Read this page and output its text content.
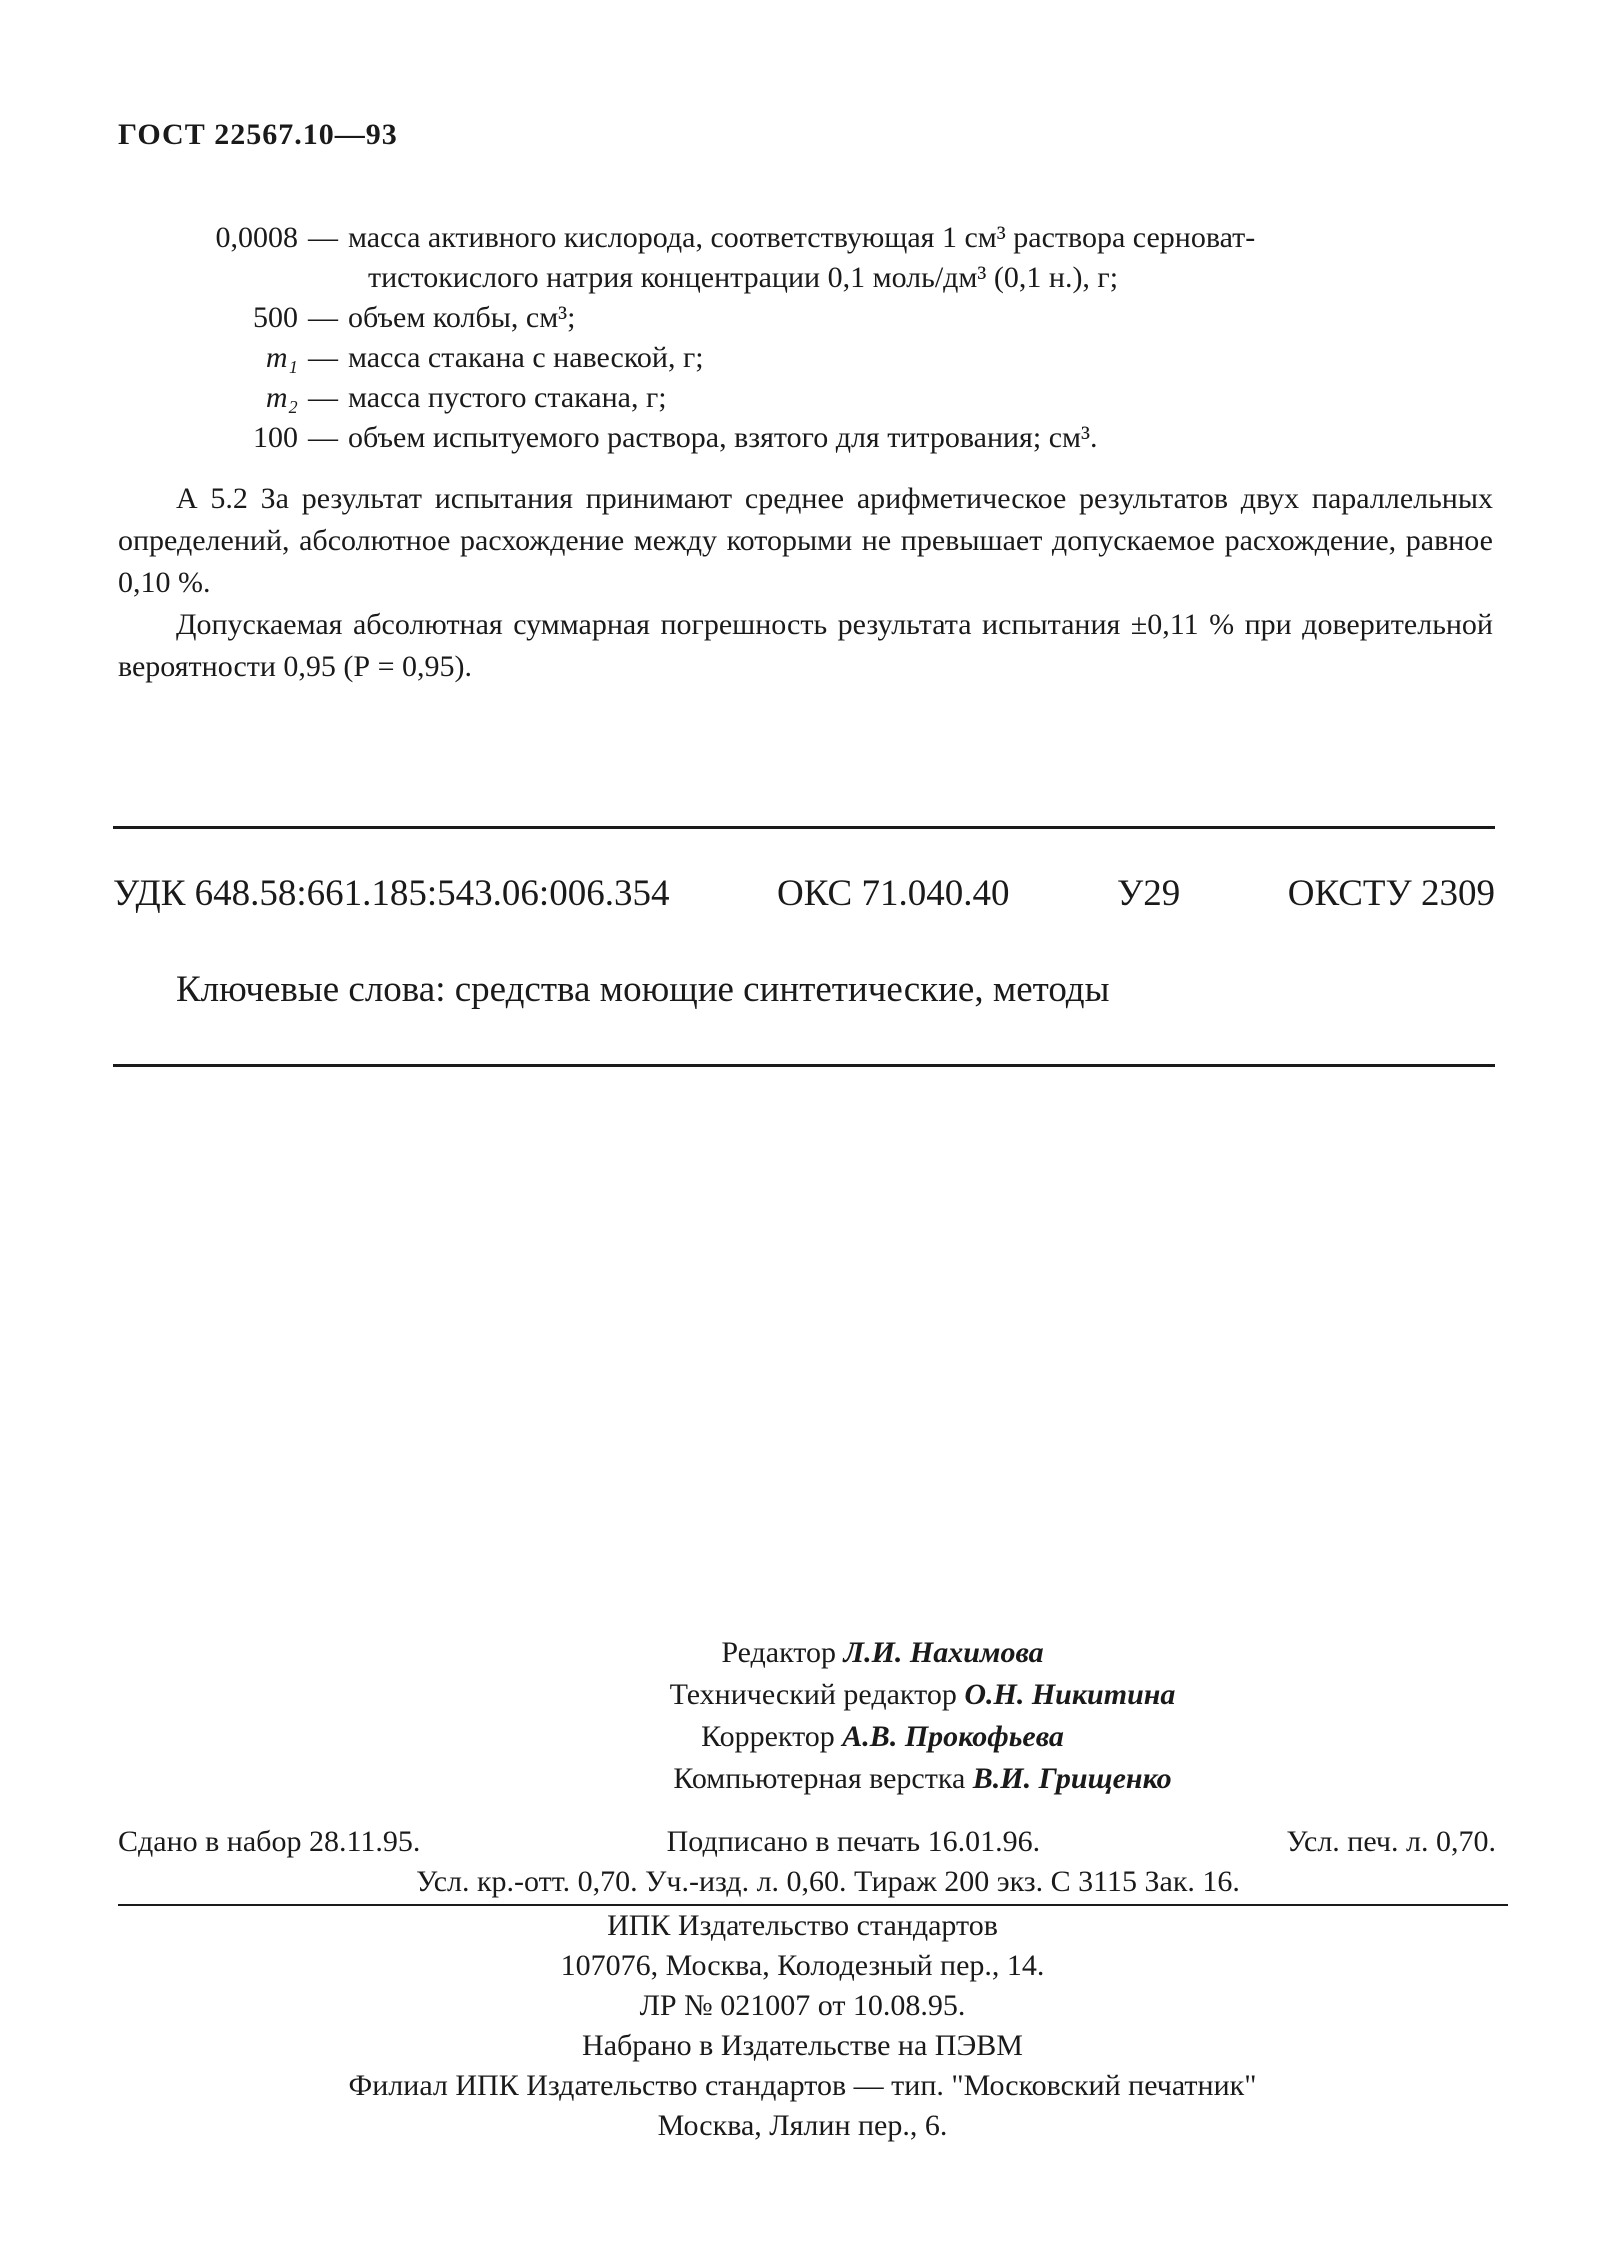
ГОСТ 22567.10—93
0,0008 — масса активного кислорода, соответствующая 1 см³ раствора серноват-
тистокислого натрия концентрации 0,1 моль/дм³ (0,1 н.), г;
500 — объем колбы, см³;
m₁ — масса стакана с навеской, г;
m₂ — масса пустого стакана, г;
100 — объем испытуемого раствора, взятого для титрования; см³.
А 5.2 За результат испытания принимают среднее арифметическое результатов двух параллельных определений, абсолютное расхождение между которыми не превышает допускаемое расхождение, равное 0,10 %.
Допускаемая абсолютная суммарная погрешность результата испытания ±0,11 % при доверительной вероятности 0,95 (Р = 0,95).
УДК 648.58:661.185:543.06:006.354	ОКС 71.040.40	У29	ОКСТУ 2309
Ключевые слова: средства моющие синтетические, методы
Редактор Л.И. Нахимова
Технический редактор О.Н. Никитина
Корректор А.В. Прокофьева
Компьютерная верстка В.И. Грищенко
Сдано в набор 28.11.95.	Подписано в печать 16.01.96.	Усл. печ. л. 0,70.
Усл. кр.-отт. 0,70. Уч.-изд. л. 0,60. Тираж 200 экз. С 3115 Зак. 16.
ИПК Издательство стандартов
107076, Москва, Колодезный пер., 14.
ЛР № 021007 от 10.08.95.
Набрано в Издательстве на ПЭВМ
Филиал ИПК Издательство стандартов — тип. "Московский печатник"
Москва, Лялин пер., 6.
